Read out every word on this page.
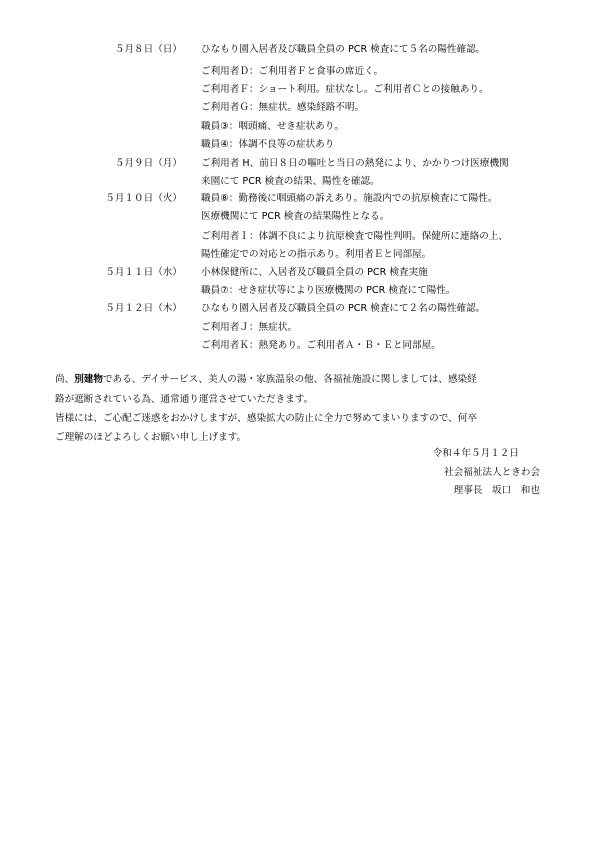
５月８日（日） ひなもり園入居者及び職員全員の PCR 検査にて５名の陽性確認。
ご利用者Ｄ：ご利用者Ｆと食事の席近く。
ご利用者Ｆ：ショート利用。症状なし。ご利用者Ｃとの接触あり。
ご利用者Ｇ：無症状。感染経路不明。
職員③：咽頭痛、せき症状あり。
職員④：体調不良等の症状あり
５月９日（月） ご利用者 H、前日８日の嘔吐と当日の熱発により、かかりつけ医療機関
来園にて PCR 検査の結果、陽性を確認。
５月１０日（火） 職員⑧：勤務後に咽頭痛の訴えあり。施設内での抗原検査にて陽性。
医療機関にて PCR 検査の結果陽性となる。
ご利用者Ｉ：体調不良により抗原検査で陽性判明。保健所に連絡の上、
陽性確定での対応との指示あり。利用者Ｅと同部屋。
５月１１日（水） 小林保健所に、入居者及び職員全員の PCR 検査実施
職員⑦：せき症状等により医療機関の PCR 検査にて陽性。
５月１２日（木） ひなもり園入居者及び職員全員の PCR 検査にて２名の陽性確認。
ご利用者Ｊ：無症状。
ご利用者Ｋ：熱発あり。ご利用者Ａ・Ｂ・Ｅと同部屋。
尚、別建物である、デイサービス、美人の湯・家族温泉の他、各福祉施設に関しましては、感染経
路が遮断されている為、通常通り運営させていただきます。
皆様には、ご心配ご迷惑をおかけしますが、感染拡大の防止に全力で努めてまいりますので、何卒
ご理解のほどよろしくお願い申し上げます。
令和４年５月１２日
社会福祉法人ときわ会
理事長　坂口　和也
